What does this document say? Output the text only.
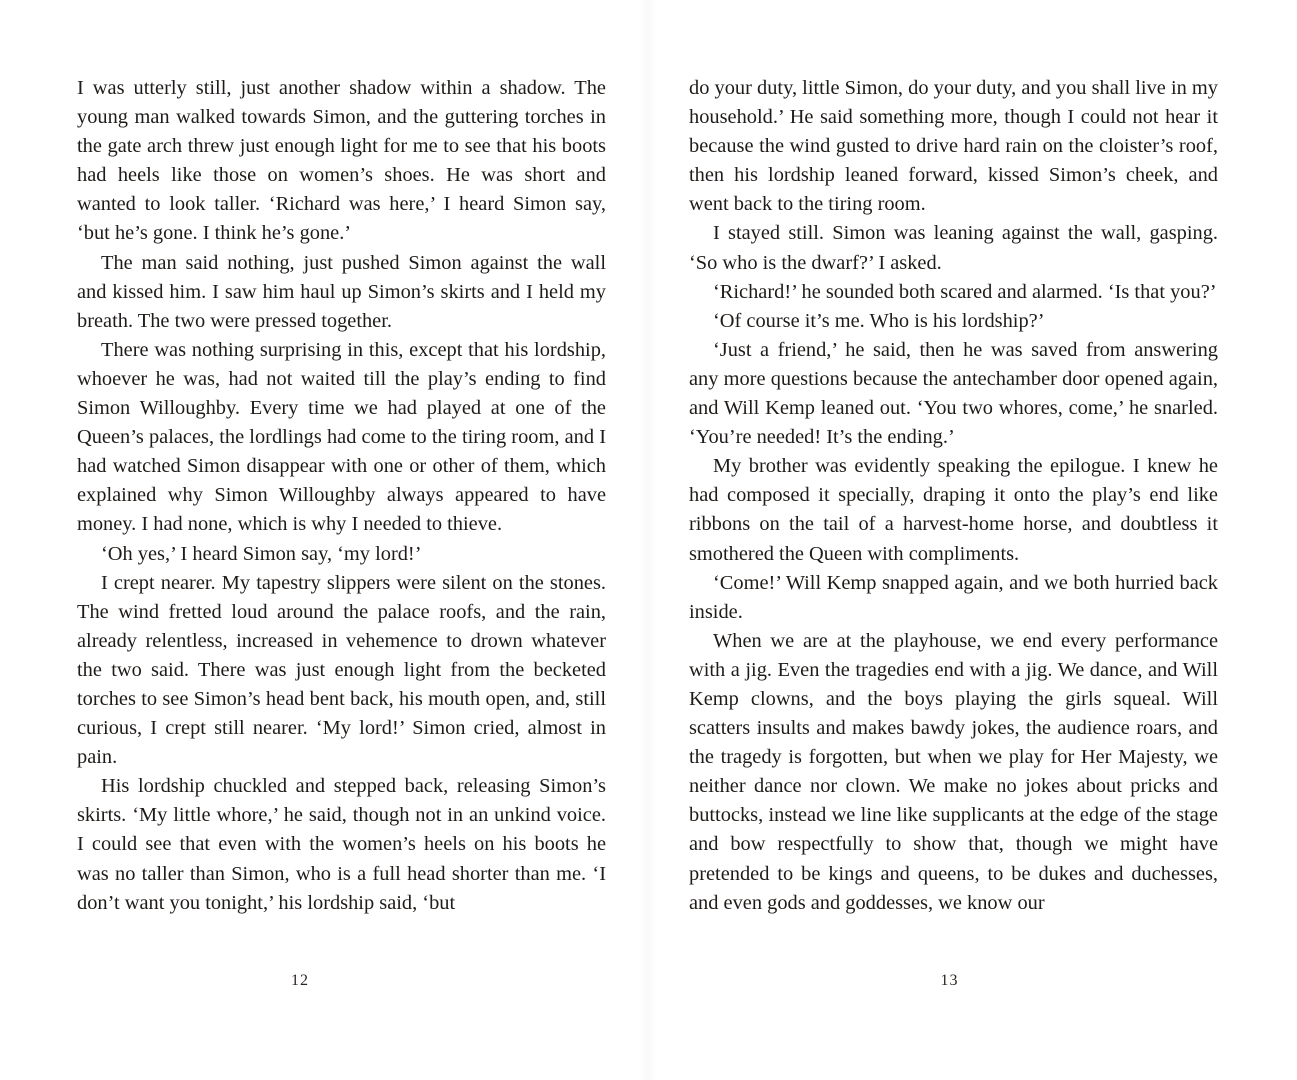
I was utterly still, just another shadow within a shadow. The young man walked towards Simon, and the guttering torches in the gate arch threw just enough light for me to see that his boots had heels like those on women’s shoes. He was short and wanted to look taller. ‘Richard was here,’ I heard Simon say, ‘but he’s gone. I think he’s gone.’

The man said nothing, just pushed Simon against the wall and kissed him. I saw him haul up Simon’s skirts and I held my breath. The two were pressed together.

There was nothing surprising in this, except that his lordship, whoever he was, had not waited till the play’s ending to find Simon Willoughby. Every time we had played at one of the Queen’s palaces, the lordlings had come to the tiring room, and I had watched Simon disappear with one or other of them, which explained why Simon Willoughby always appeared to have money. I had none, which is why I needed to thieve.

‘Oh yes,’ I heard Simon say, ‘my lord!’

I crept nearer. My tapestry slippers were silent on the stones. The wind fretted loud around the palace roofs, and the rain, already relentless, increased in vehemence to drown whatever the two said. There was just enough light from the becketed torches to see Simon’s head bent back, his mouth open, and, still curious, I crept still nearer. ‘My lord!’ Simon cried, almost in pain.

His lordship chuckled and stepped back, releasing Simon’s skirts. ‘My little whore,’ he said, though not in an unkind voice. I could see that even with the women’s heels on his boots he was no taller than Simon, who is a full head shorter than me. ‘I don’t want you tonight,’ his lordship said, ‘but

12

do your duty, little Simon, do your duty, and you shall live in my household.’ He said something more, though I could not hear it because the wind gusted to drive hard rain on the cloister’s roof, then his lordship leaned forward, kissed Simon’s cheek, and went back to the tiring room.

I stayed still. Simon was leaning against the wall, gasping. ‘So who is the dwarf?’ I asked.

‘Richard!’ he sounded both scared and alarmed. ‘Is that you?’

‘Of course it’s me. Who is his lordship?’

‘Just a friend,’ he said, then he was saved from answering any more questions because the antechamber door opened again, and Will Kemp leaned out. ‘You two whores, come,’ he snarled. ‘You’re needed! It’s the ending.’

My brother was evidently speaking the epilogue. I knew he had composed it specially, draping it onto the play’s end like ribbons on the tail of a harvest-home horse, and doubtless it smothered the Queen with compliments.

‘Come!’ Will Kemp snapped again, and we both hurried back inside.

When we are at the playhouse, we end every performance with a jig. Even the tragedies end with a jig. We dance, and Will Kemp clowns, and the boys playing the girls squeal. Will scatters insults and makes bawdy jokes, the audience roars, and the tragedy is forgotten, but when we play for Her Majesty, we neither dance nor clown. We make no jokes about pricks and buttocks, instead we line like supplicants at the edge of the stage and bow respectfully to show that, though we might have pretended to be kings and queens, to be dukes and duchesses, and even gods and goddesses, we know our

13
